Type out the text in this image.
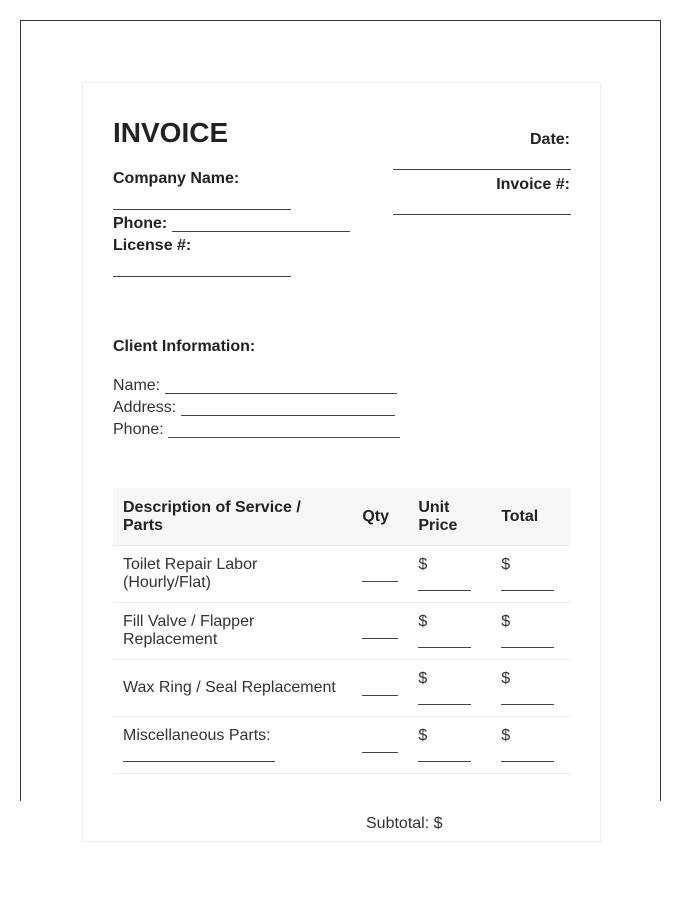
INVOICE	Date:
Invoice #:
Company Name:
Phone:
License #:
Client Information:
Name:
Address:
Phone:
Description of Service / Parts	Qty	Unit Price	Total
Toilet Repair Labor (Hourly/Flat)		$	$

Fill Valve / Flapper Replacement		$	$

Wax Ring / Seal Replacement		$	$

Miscellaneous Parts:		$	$
Subtotal: $
